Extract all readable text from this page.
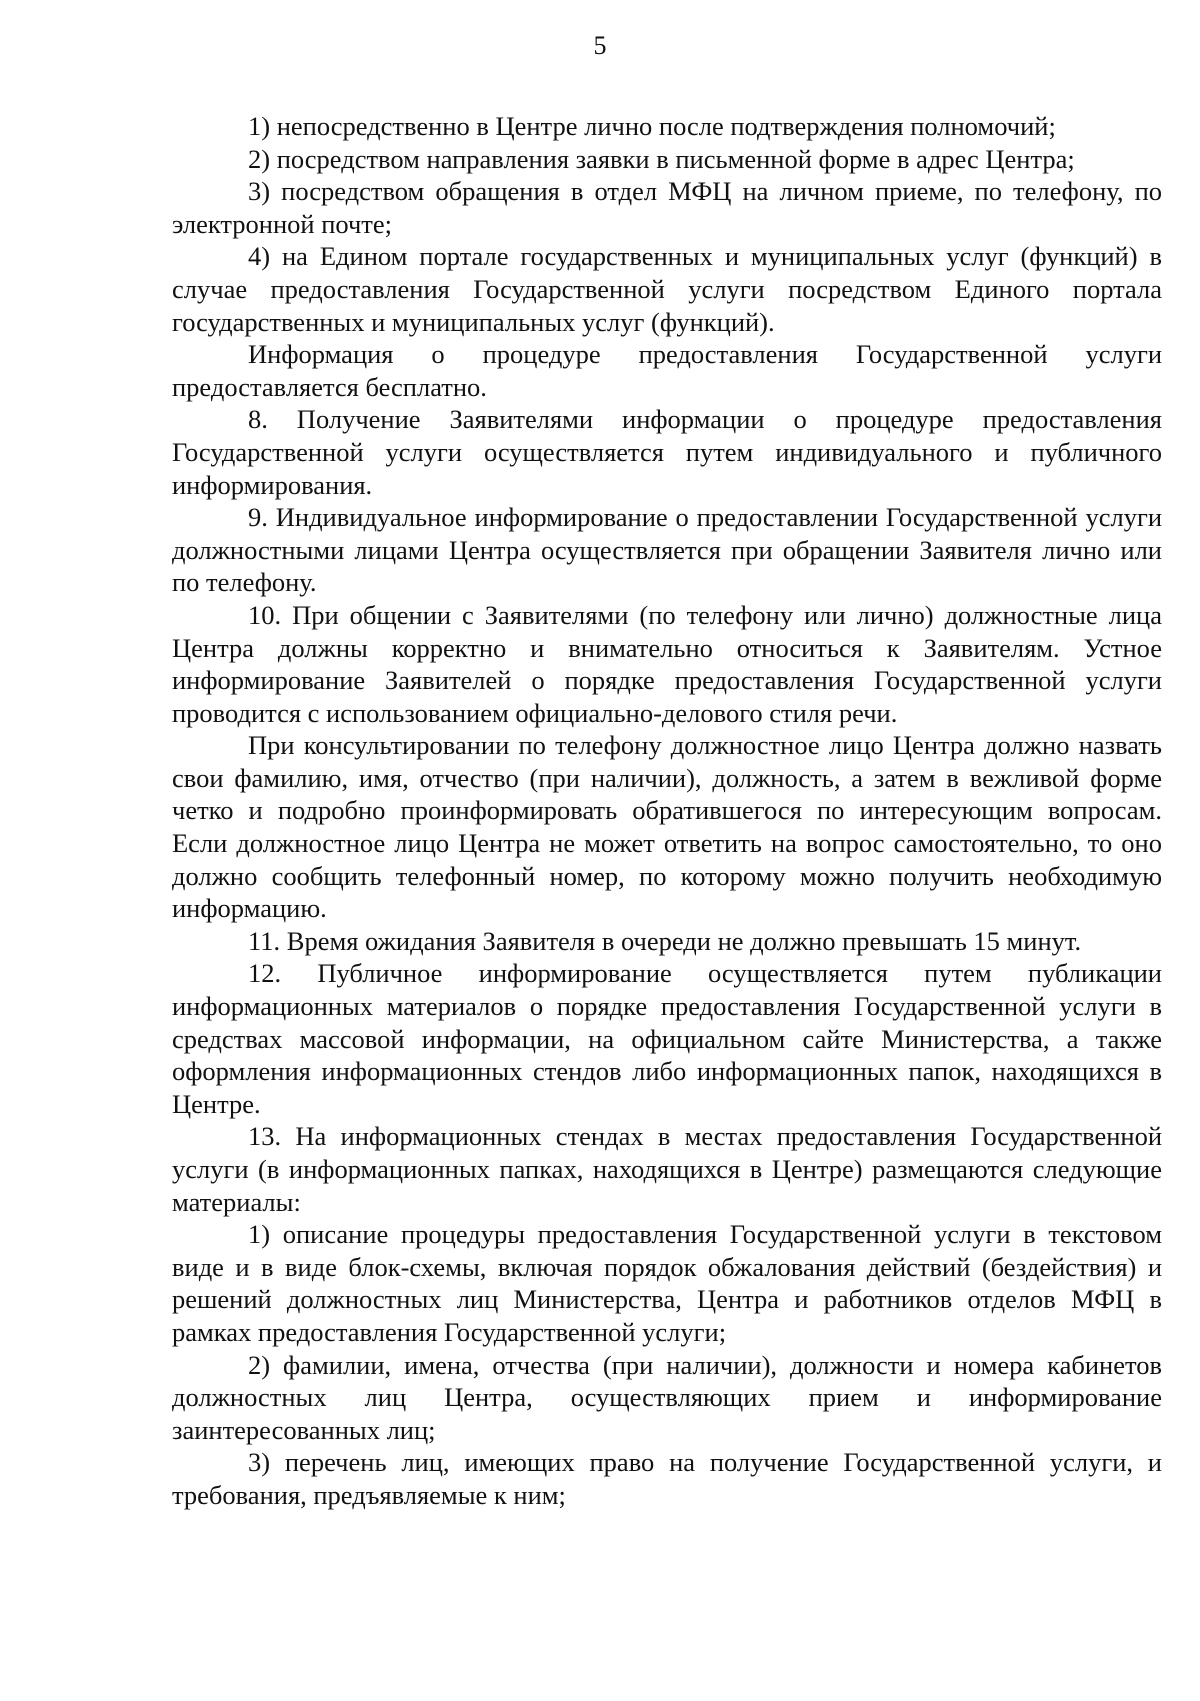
5

1) непосредственно в Центре лично после подтверждения полномочий;

2) посредством направления заявки в письменной форме в адрес Центра;

3) посредством обращения в отдел МФЦ на личном приеме, по телефону, по электронной почте;

4) на Едином портале государственных и муниципальных услуг (функций) в случае предоставления Государственной услуги посредством Единого портала государственных и муниципальных услуг (функций).

Информация о процедуре предоставления Государственной услуги предоставляется бесплатно.

8. Получение Заявителями информации о процедуре предоставления Государственной услуги осуществляется путем индивидуального и публичного информирования.

9. Индивидуальное информирование о предоставлении Государственной услуги должностными лицами Центра осуществляется при обращении Заявителя лично или по телефону.

10. При общении с Заявителями (по телефону или лично) должностные лица Центра должны корректно и внимательно относиться к Заявителям. Устное информирование Заявителей о порядке предоставления Государственной услуги проводится с использованием официально-делового стиля речи.

При консультировании по телефону должностное лицо Центра должно назвать свои фамилию, имя, отчество (при наличии), должность, а затем в вежливой форме четко и подробно проинформировать обратившегося по интересующим вопросам. Если должностное лицо Центра не может ответить на вопрос самостоятельно, то оно должно сообщить телефонный номер, по которому можно получить необходимую информацию.

11. Время ожидания Заявителя в очереди не должно превышать 15 минут.

12. Публичное информирование осуществляется путем публикации информационных материалов о порядке предоставления Государственной услуги в средствах массовой информации, на официальном сайте Министерства, а также оформления информационных стендов либо информационных папок, находящихся в Центре.

13. На информационных стендах в местах предоставления Государственной услуги (в информационных папках, находящихся в Центре) размещаются следующие материалы:

1) описание процедуры предоставления Государственной услуги в текстовом виде и в виде блок-схемы, включая порядок обжалования действий (бездействия) и решений должностных лиц Министерства, Центра и работников отделов МФЦ в рамках предоставления Государственной услуги;

2) фамилии, имена, отчества (при наличии), должности и номера кабинетов должностных лиц Центра, осуществляющих прием и информирование заинтересованных лиц;

3) перечень лиц, имеющих право на получение Государственной услуги, и требования, предъявляемые к ним;
